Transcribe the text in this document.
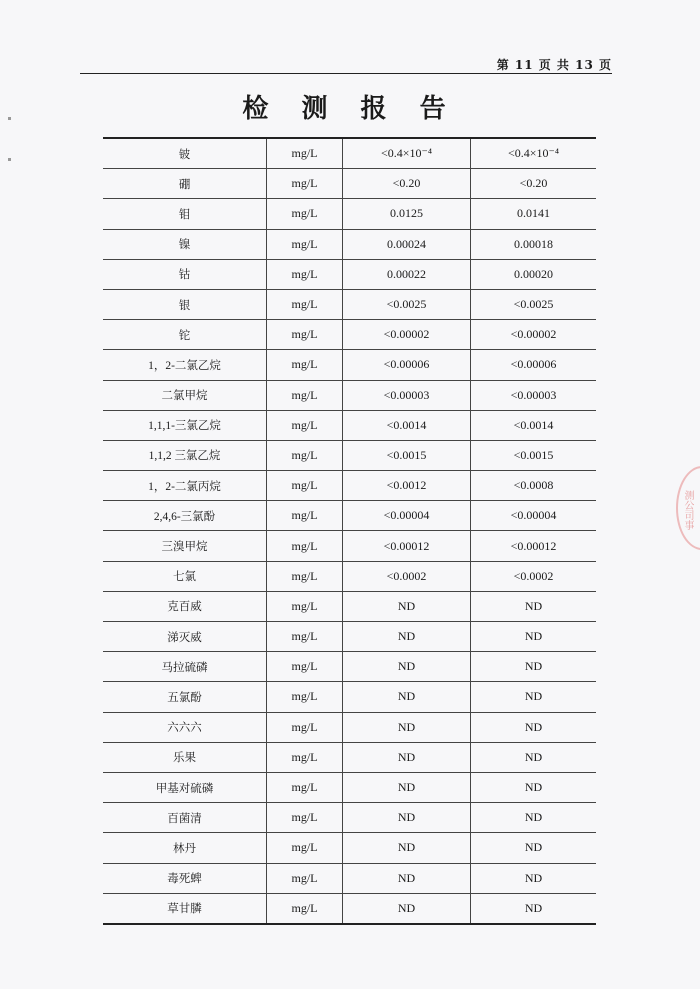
第 11 页 共 13 页
检 测 报 告
铍	mg/L	<0.4×10⁻⁴	<0.4×10⁻⁴
硼	mg/L	<0.20	<0.20
钼	mg/L	0.0125	0.0141
镍	mg/L	0.00024	0.00018
钴	mg/L	0.00022	0.00020
银	mg/L	<0.0025	<0.0025
铊	mg/L	<0.00002	<0.00002
1，2-二氯乙烷	mg/L	<0.00006	<0.00006
二氯甲烷	mg/L	<0.00003	<0.00003
1,1,1-三氯乙烷	mg/L	<0.0014	<0.0014
1,1,2 三氯乙烷	mg/L	<0.0015	<0.0015
1，2-二氯丙烷	mg/L	<0.0012	<0.0008
2,4,6-三氯酚	mg/L	<0.00004	<0.00004
三溴甲烷	mg/L	<0.00012	<0.00012
七氯	mg/L	<0.0002	<0.0002
克百威	mg/L	ND	ND
涕灭威	mg/L	ND	ND
马拉硫磷	mg/L	ND	ND
五氯酚	mg/L	ND	ND
六六六	mg/L	ND	ND
乐果	mg/L	ND	ND
甲基对硫磷	mg/L	ND	ND
百菌清	mg/L	ND	ND
林丹	mg/L	ND	ND
毒死蜱	mg/L	ND	ND
草甘膦	mg/L	ND	ND
测公司事
